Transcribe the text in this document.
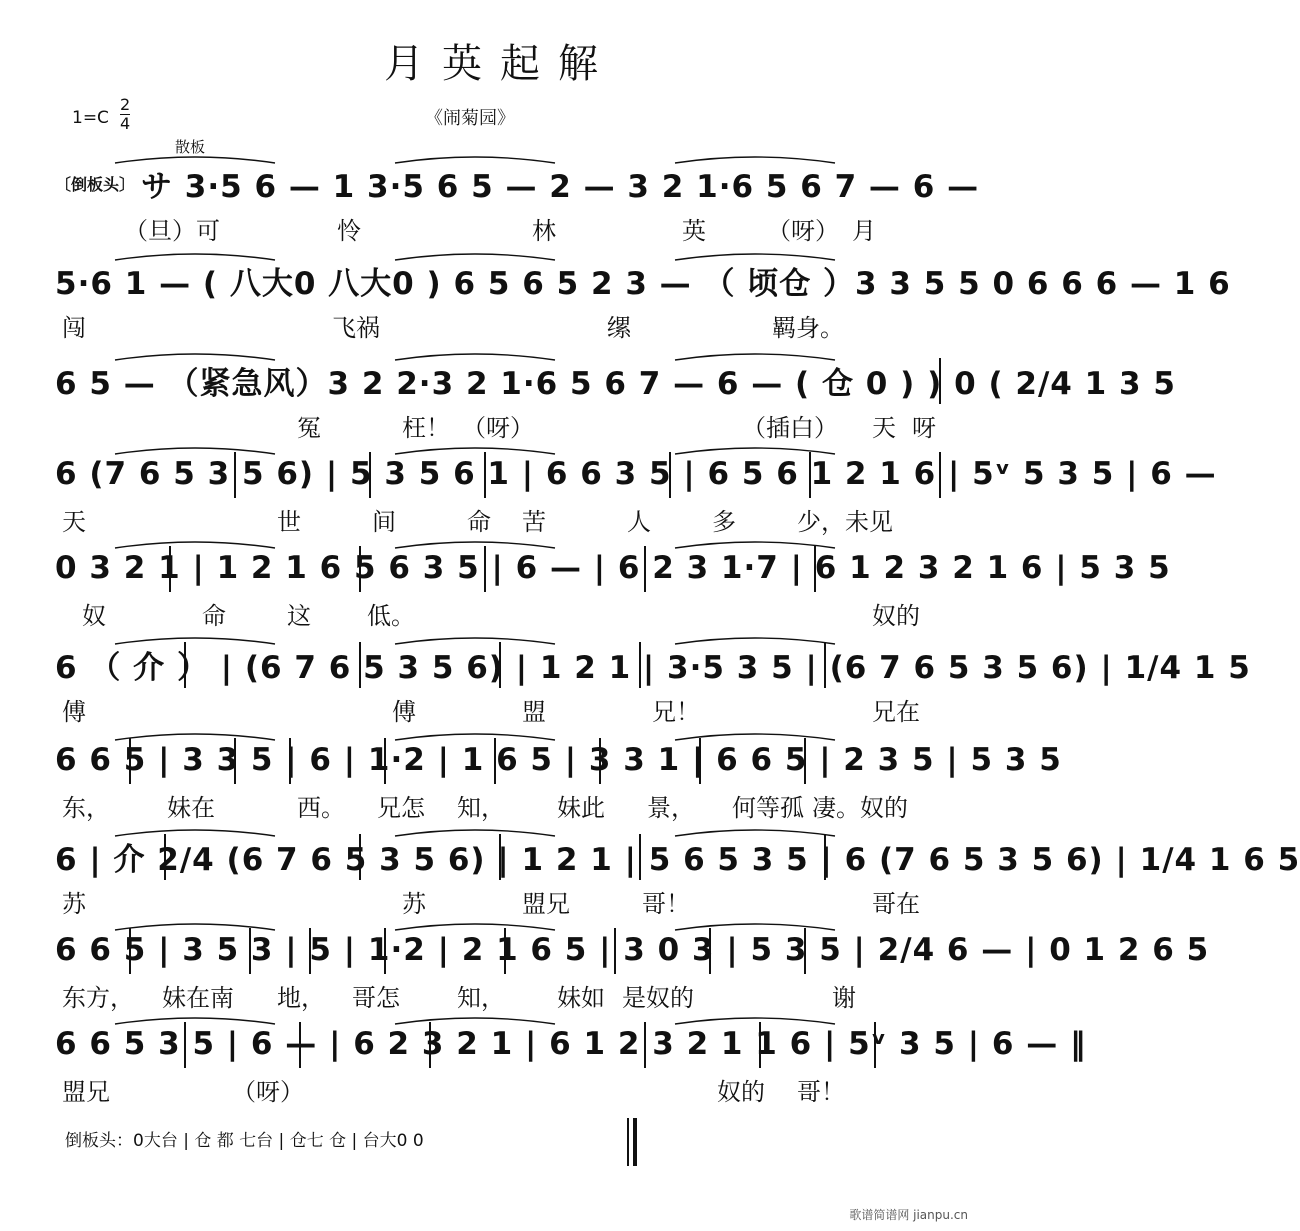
月英起解
1=C
2
4	《闹菊园》
散板
〔倒板头〕 サ 3·5 6 — 1 3·5 6 5 — 2 — 3 2 1·6 5 6 7 — 6 —
（旦）可	怜	林	英	（呀） 月
5·6 1 — ( 八大0 八大0 ) 6 5 6 5 2 3 — （ 顷仓 ）3 3 5 5 0 6 6 6 — 1 6
闯	飞祸	缧	羁身。
6 5 — （紧急风）3 2 2·3 2 1·6 5 6 7 — 6 — ( 仓 0 ) ) 0 ( 2/4 1 3 5
冤	枉！ （呀）	（插白） 天 呀
6 (7 6 5 3 5 6) | 5 3 5 6 1 | 6 6 3 5 | 6 5 6 1 2 1 6 | 5ᵛ 5 3 5 | 6 —
天	世	间	命 苦	人	多	少，未见
0 3 2 1 | 1 2 1 6 5 6 3 5 | 6 — | 6 2 3 1·7 | 6 1 2 3 2 1 6 | 5 3 5
奴	命	这 低。	奴的
6 （ 介 ） | (6 7 6 5 3 5 6) | 1 2 1 | 3·5 3 5 | (6 7 6 5 3 5 6) | 1/4 1 5
傅	傅	盟	兄！	兄在
6 6 5 | 3 3 5 | 6 | 1·2 | 1 6 5 | 3 3 1 | 6 6 5 | 2 3 5 | 5 3 5
东， 妹在	西。 兄怎 知， 妹此 景， 何等孤 凄。奴的
6 | 介 2/4 (6 7 6 5 3 5 6) | 1 2 1 | 5 6 5 3 5 | 6 (7 6 5 3 5 6) | 1/4 1 6 5
苏	苏	盟兄	哥！	哥在
6 6 5 | 3 5 3 | 5 | 1·2 | 2 1 6 5 | 3 0 3 | 5 3 5 | 2/4 6 — | 0 1 2 6 5
东方， 妹在南 地， 哥怎 知， 妹如 是奴的	谢
6 6 5 3 5 | 6 — | 6 2 3 2 1 | 6 1 2 3 2 1 1 6 | 5ᵛ 3 5 | 6 — ‖
盟兄	（呀）	奴的 哥！
倒板头：0大台 | 仓 都 七台 | 仓七 仓 | 台大0 0
歌谱简谱网 jianpu.cn
